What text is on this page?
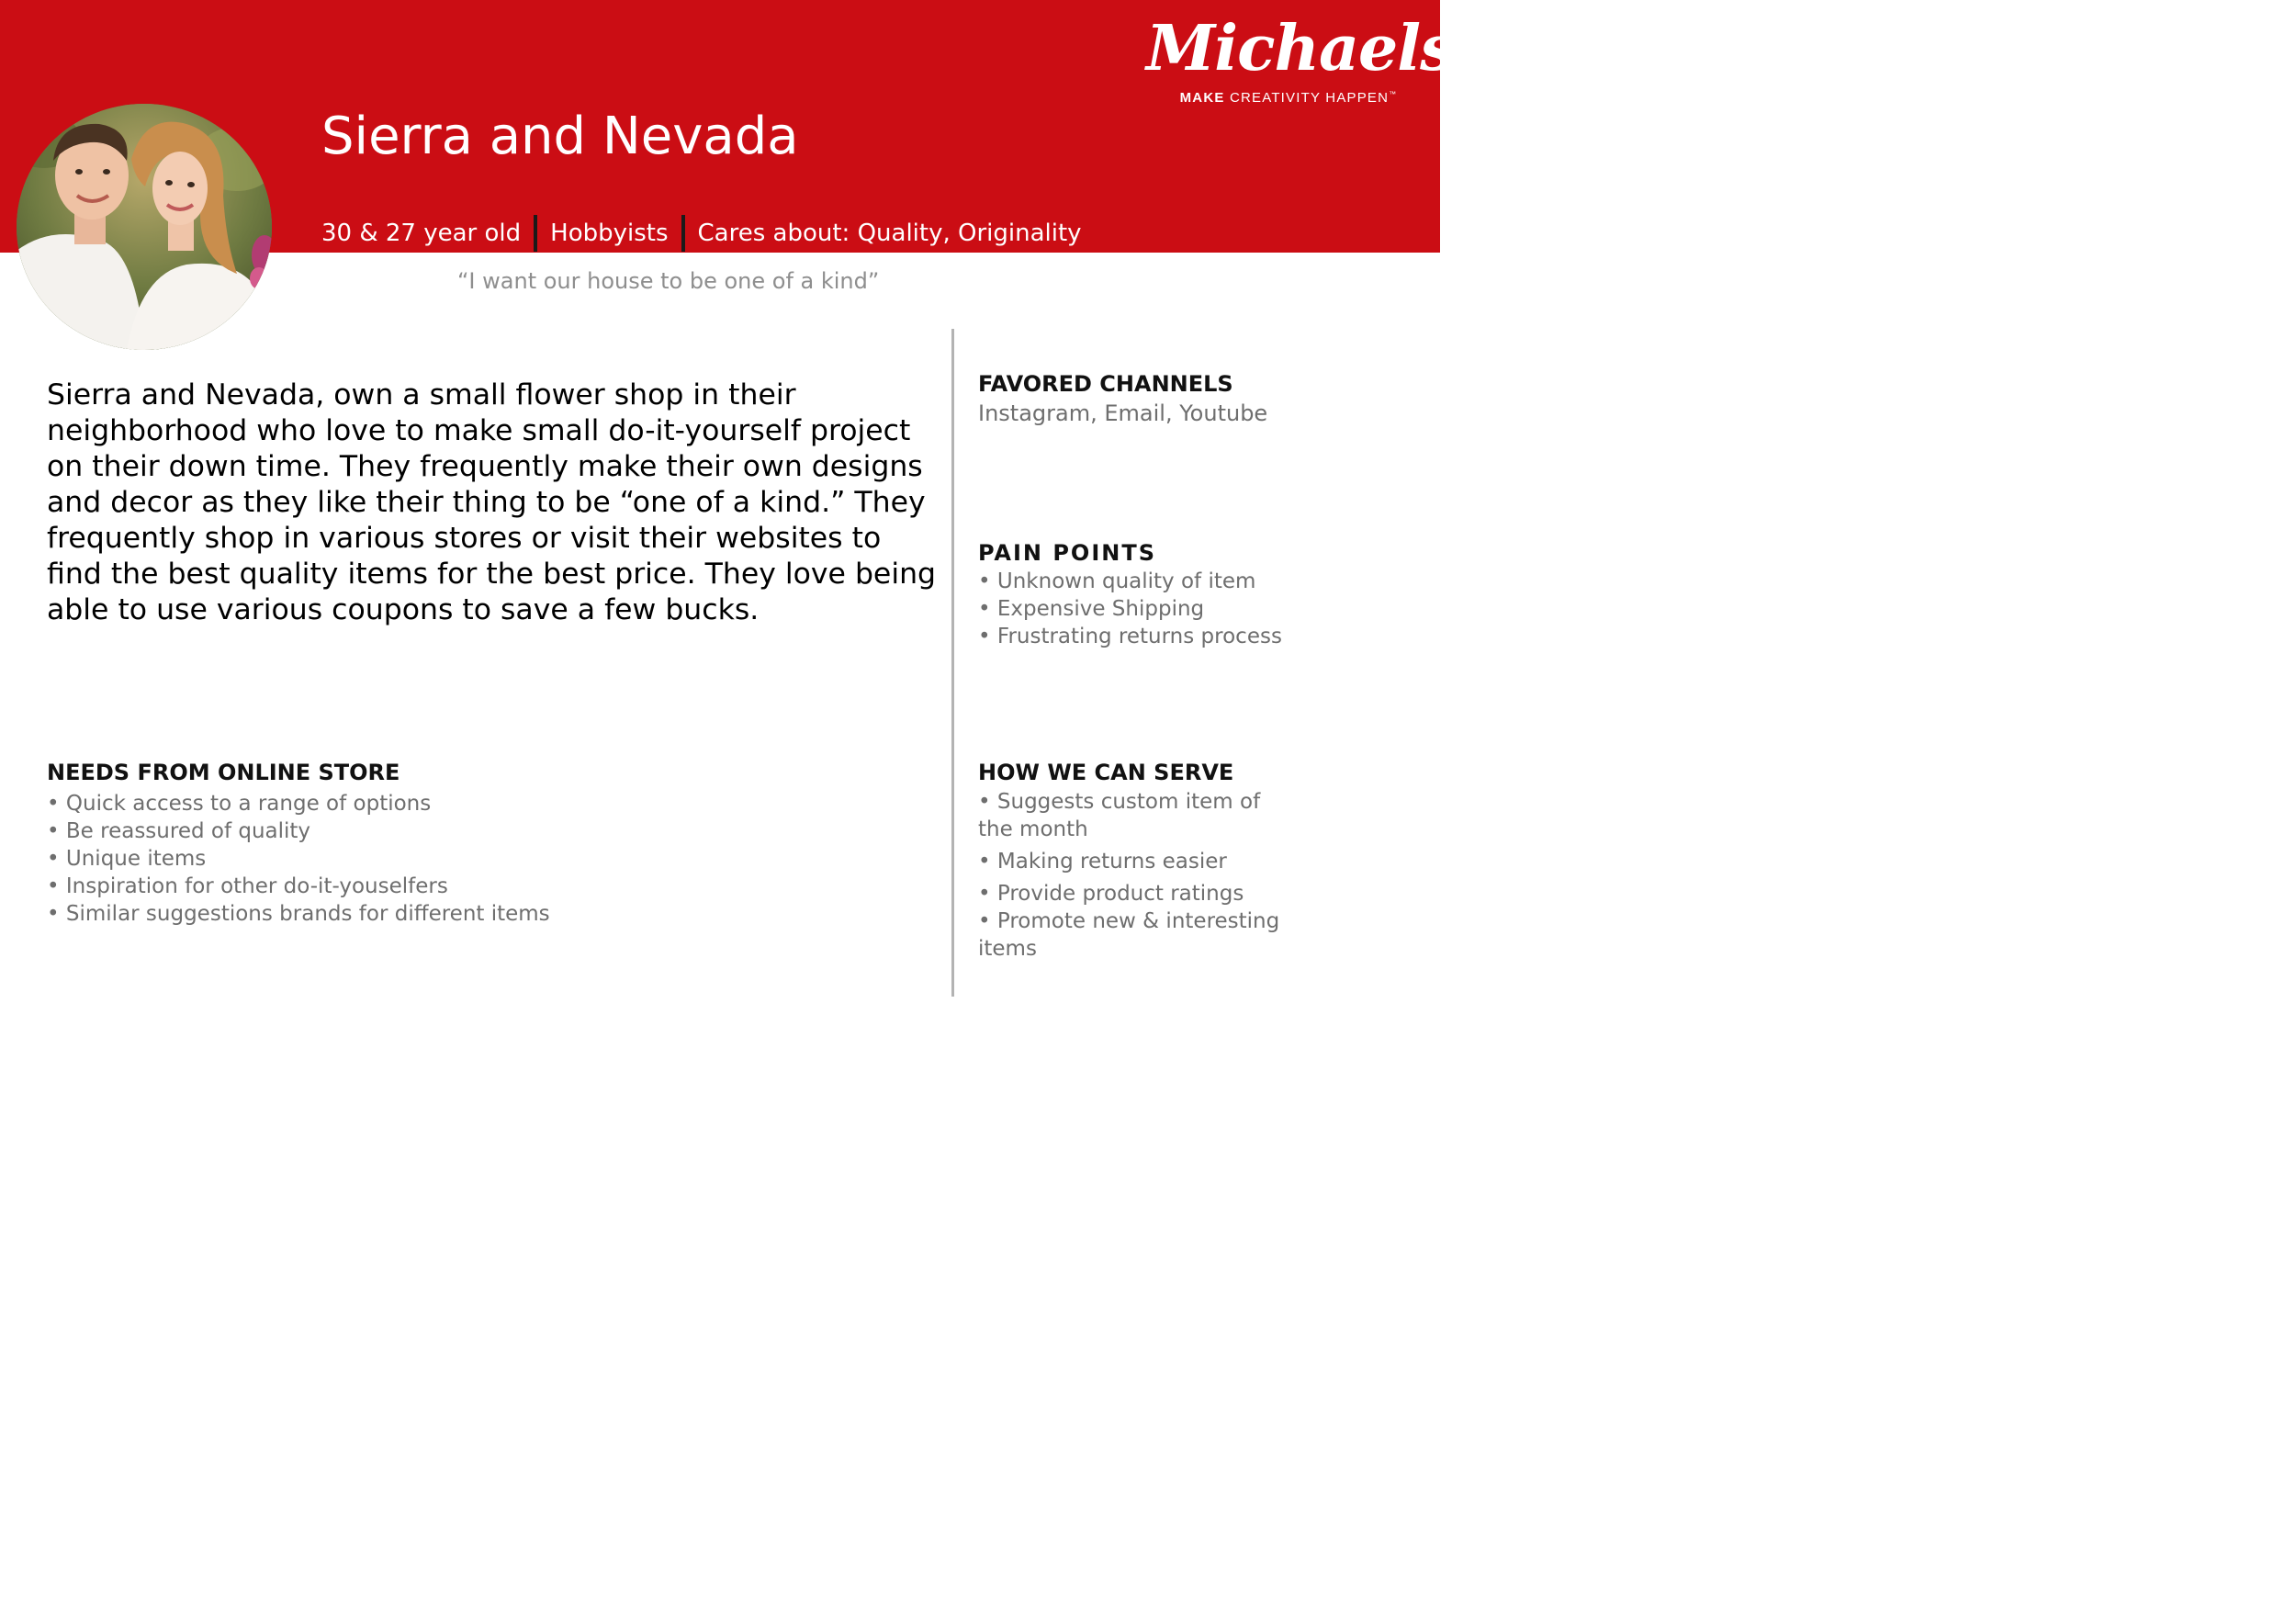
Michaels
MAKE CREATIVITY HAPPEN™
Sierra and Nevada
30 & 27 year old Hobbyists Cares about: Quality, Originality
“I want our house to be one of a kind”

Sierra and Nevada, own a small flower shop in their neighborhood who love to make small do-it-yourself project on their down time. They frequently make their own designs and decor as they like their thing to be “one of a kind.” They frequently shop in various stores or visit their websites to find the best quality items for the best price. They love being able to use various coupons to save a few bucks.

NEEDS FROM ONLINE STORE
• Quick access to a range of options
• Be reassured of quality
• Unique items
• Inspiration for other do-it-youselfers
• Similar suggestions brands for different items
FAVORED CHANNELS

Instagram, Email, Youtube

PAIN POINTS
• Unknown quality of item
• Expensive Shipping
• Frustrating returns process
HOW WE CAN SERVE
• Suggests custom item of the month
• Making returns easier
• Provide product ratings
• Promote new & interesting items
